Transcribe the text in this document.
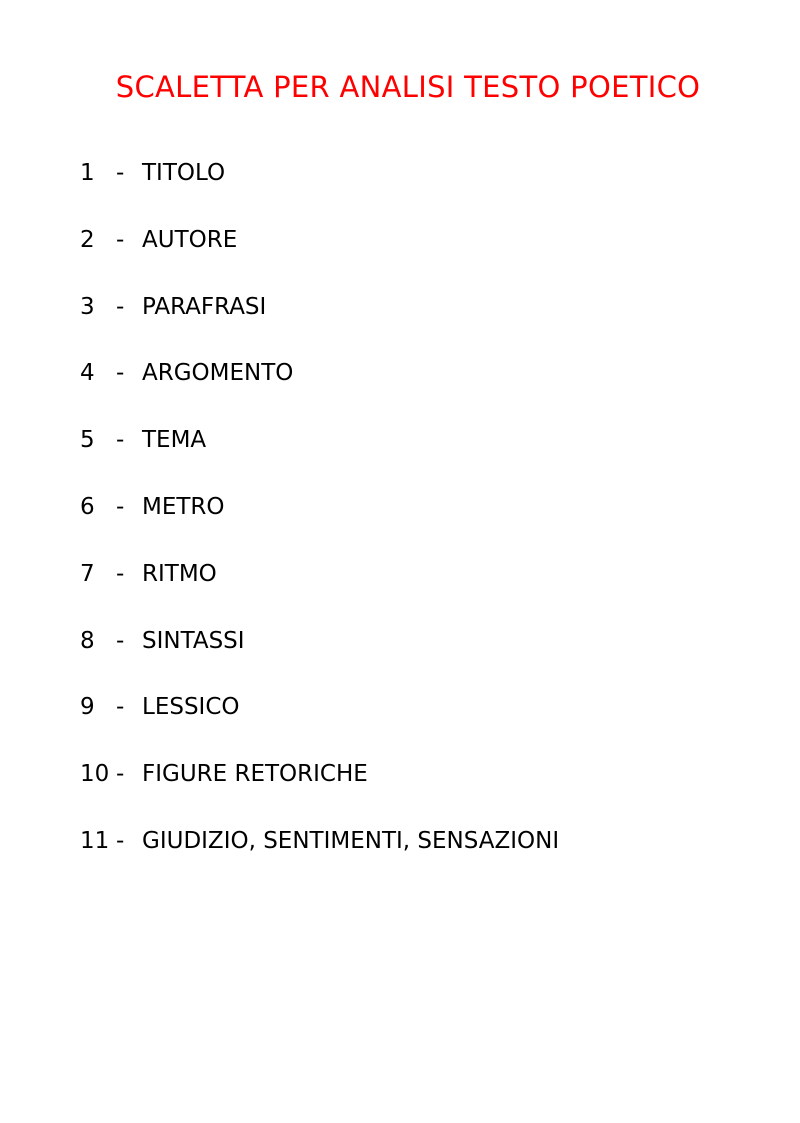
SCALETTA PER ANALISI TESTO POETICO
1 - TITOLO
2 - AUTORE
3 - PARAFRASI
4 - ARGOMENTO
5 - TEMA
6 - METRO
7 - RITMO
8 - SINTASSI
9 - LESSICO
10 - FIGURE RETORICHE
11 - GIUDIZIO, SENTIMENTI, SENSAZIONI
